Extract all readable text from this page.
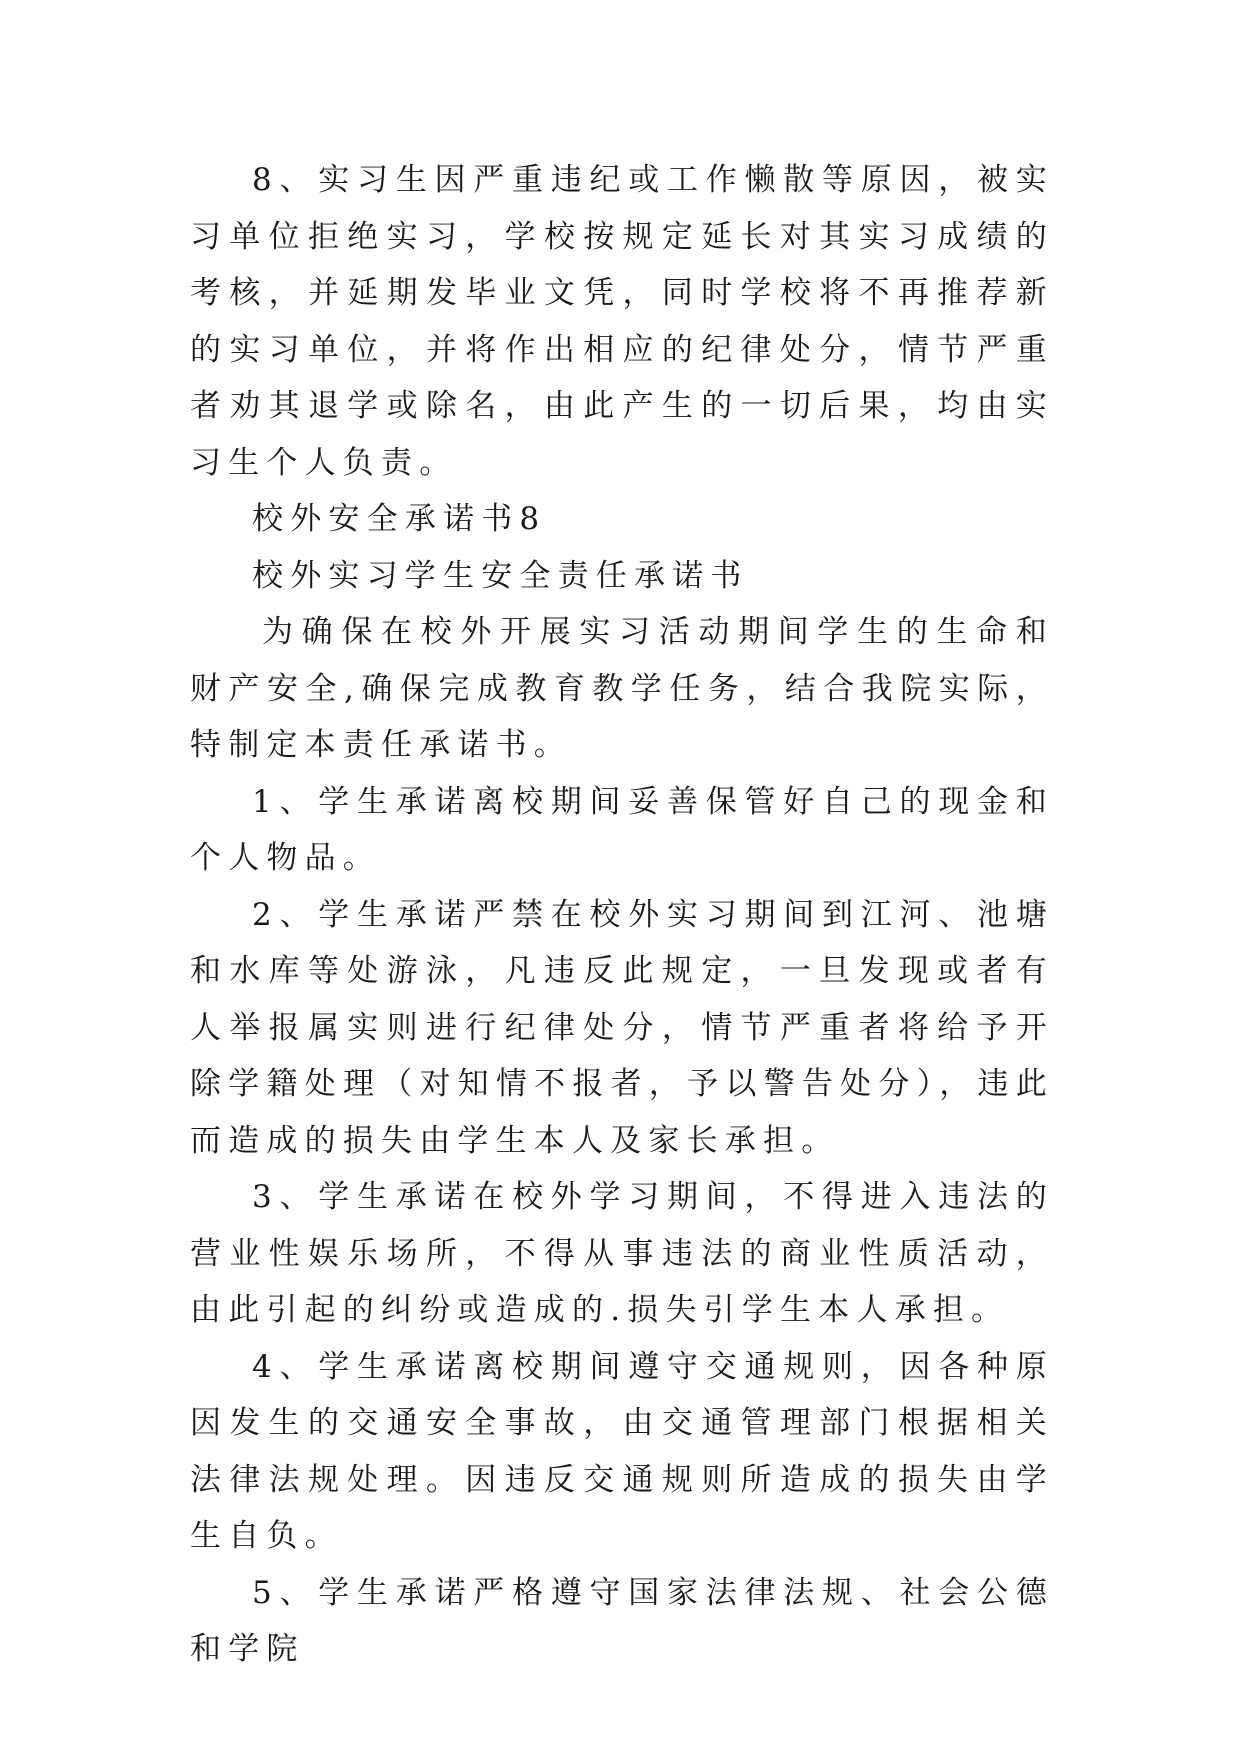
8、实习生因严重违纪或工作懒散等原因，被实习单位拒绝实习，学校按规定延长对其实习成绩的考核，并延期发毕业文凭，同时学校将不再推荐新的实习单位，并将作出相应的纪律处分，情节严重者劝其退学或除名，由此产生的一切后果，均由实习生个人负责。

校外安全承诺书8

校外实习学生安全责任承诺书

为确保在校外开展实习活动期间学生的生命和财产安全,确保完成教育教学任务，结合我院实际，特制定本责任承诺书。

1、学生承诺离校期间妥善保管好自己的现金和个人物品。

2、学生承诺严禁在校外实习期间到江河、池塘和水库等处游泳，凡违反此规定，一旦发现或者有人举报属实则进行纪律处分，情节严重者将给予开除学籍处理（对知情不报者，予以警告处分），违此而造成的损失由学生本人及家长承担。

3、学生承诺在校外学习期间，不得进入违法的营业性娱乐场所，不得从事违法的商业性质活动，由此引起的纠纷或造成的.损失引学生本人承担。

4、学生承诺离校期间遵守交通规则，因各种原因发生的交通安全事故，由交通管理部门根据相关法律法规处理。因违反交通规则所造成的损失由学生自负。

5、学生承诺严格遵守国家法律法规、社会公德和学院
